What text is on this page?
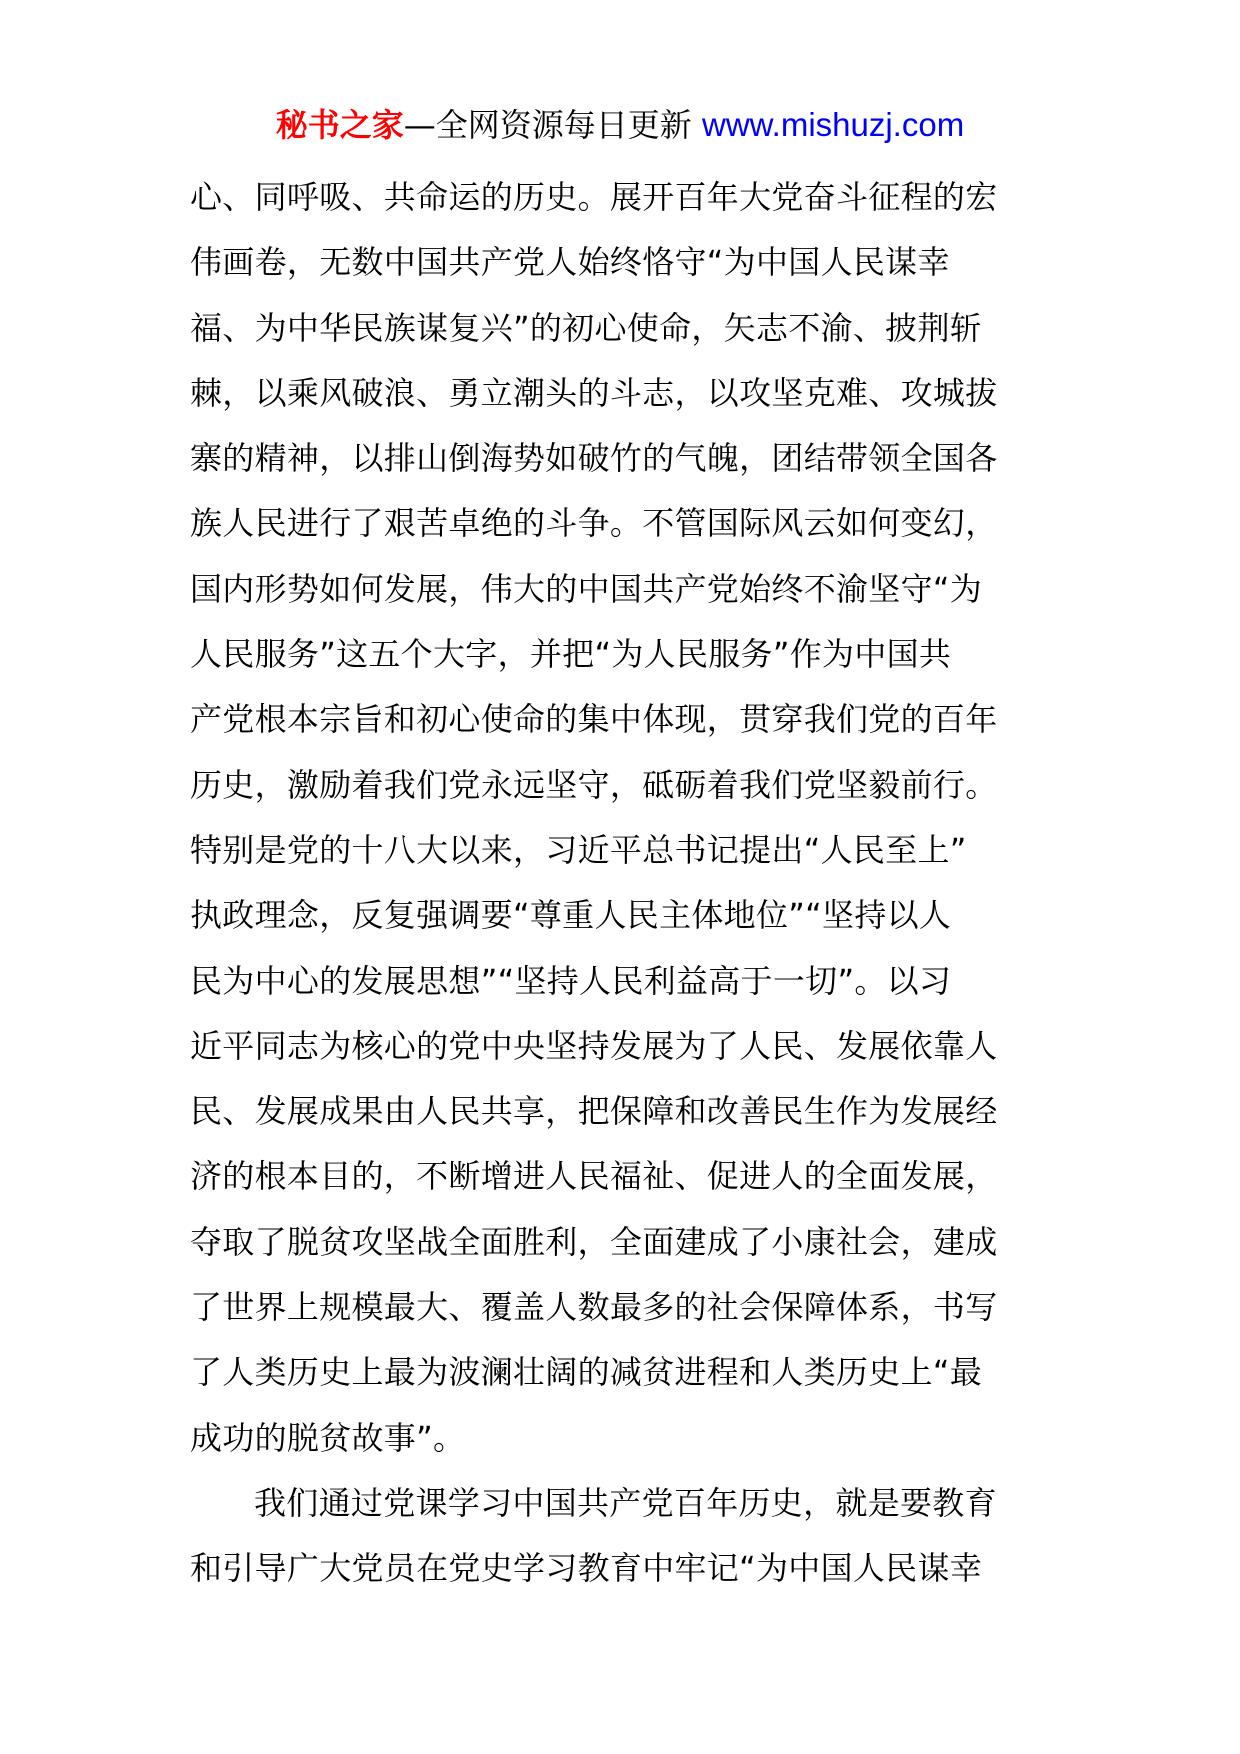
秘书之家—全网资源每日更新 www.mishuzj.com

心、同呼吸、共命运的历史。展开百年大党奋斗征程的宏
伟画卷，无数中国共产党人始终恪守“为中国人民谋幸
福、为中华民族谋复兴”的初心使命，矢志不渝、披荆斩
棘，以乘风破浪、勇立潮头的斗志，以攻坚克难、攻城拔
寨的精神，以排山倒海势如破竹的气魄，团结带领全国各
族人民进行了艰苦卓绝的斗争。不管国际风云如何变幻，
国内形势如何发展，伟大的中国共产党始终不渝坚守“为
人民服务”这五个大字，并把“为人民服务”作为中国共
产党根本宗旨和初心使命的集中体现，贯穿我们党的百年
历史，激励着我们党永远坚守，砥砺着我们党坚毅前行。
特别是党的十八大以来，习近平总书记提出“人民至上”
执政理念，反复强调要“尊重人民主体地位”“坚持以人
民为中心的发展思想”“坚持人民利益高于一切”。以习
近平同志为核心的党中央坚持发展为了人民、发展依靠人
民、发展成果由人民共享，把保障和改善民生作为发展经
济的根本目的，不断增进人民福祉、促进人的全面发展，
夺取了脱贫攻坚战全面胜利，全面建成了小康社会，建成
了世界上规模最大、覆盖人数最多的社会保障体系，书写
了人类历史上最为波澜壮阔的减贫进程和人类历史上“最
成功的脱贫故事”。

我们通过党课学习中国共产党百年历史，就是要教育
和引导广大党员在党史学习教育中牢记“为中国人民谋幸
